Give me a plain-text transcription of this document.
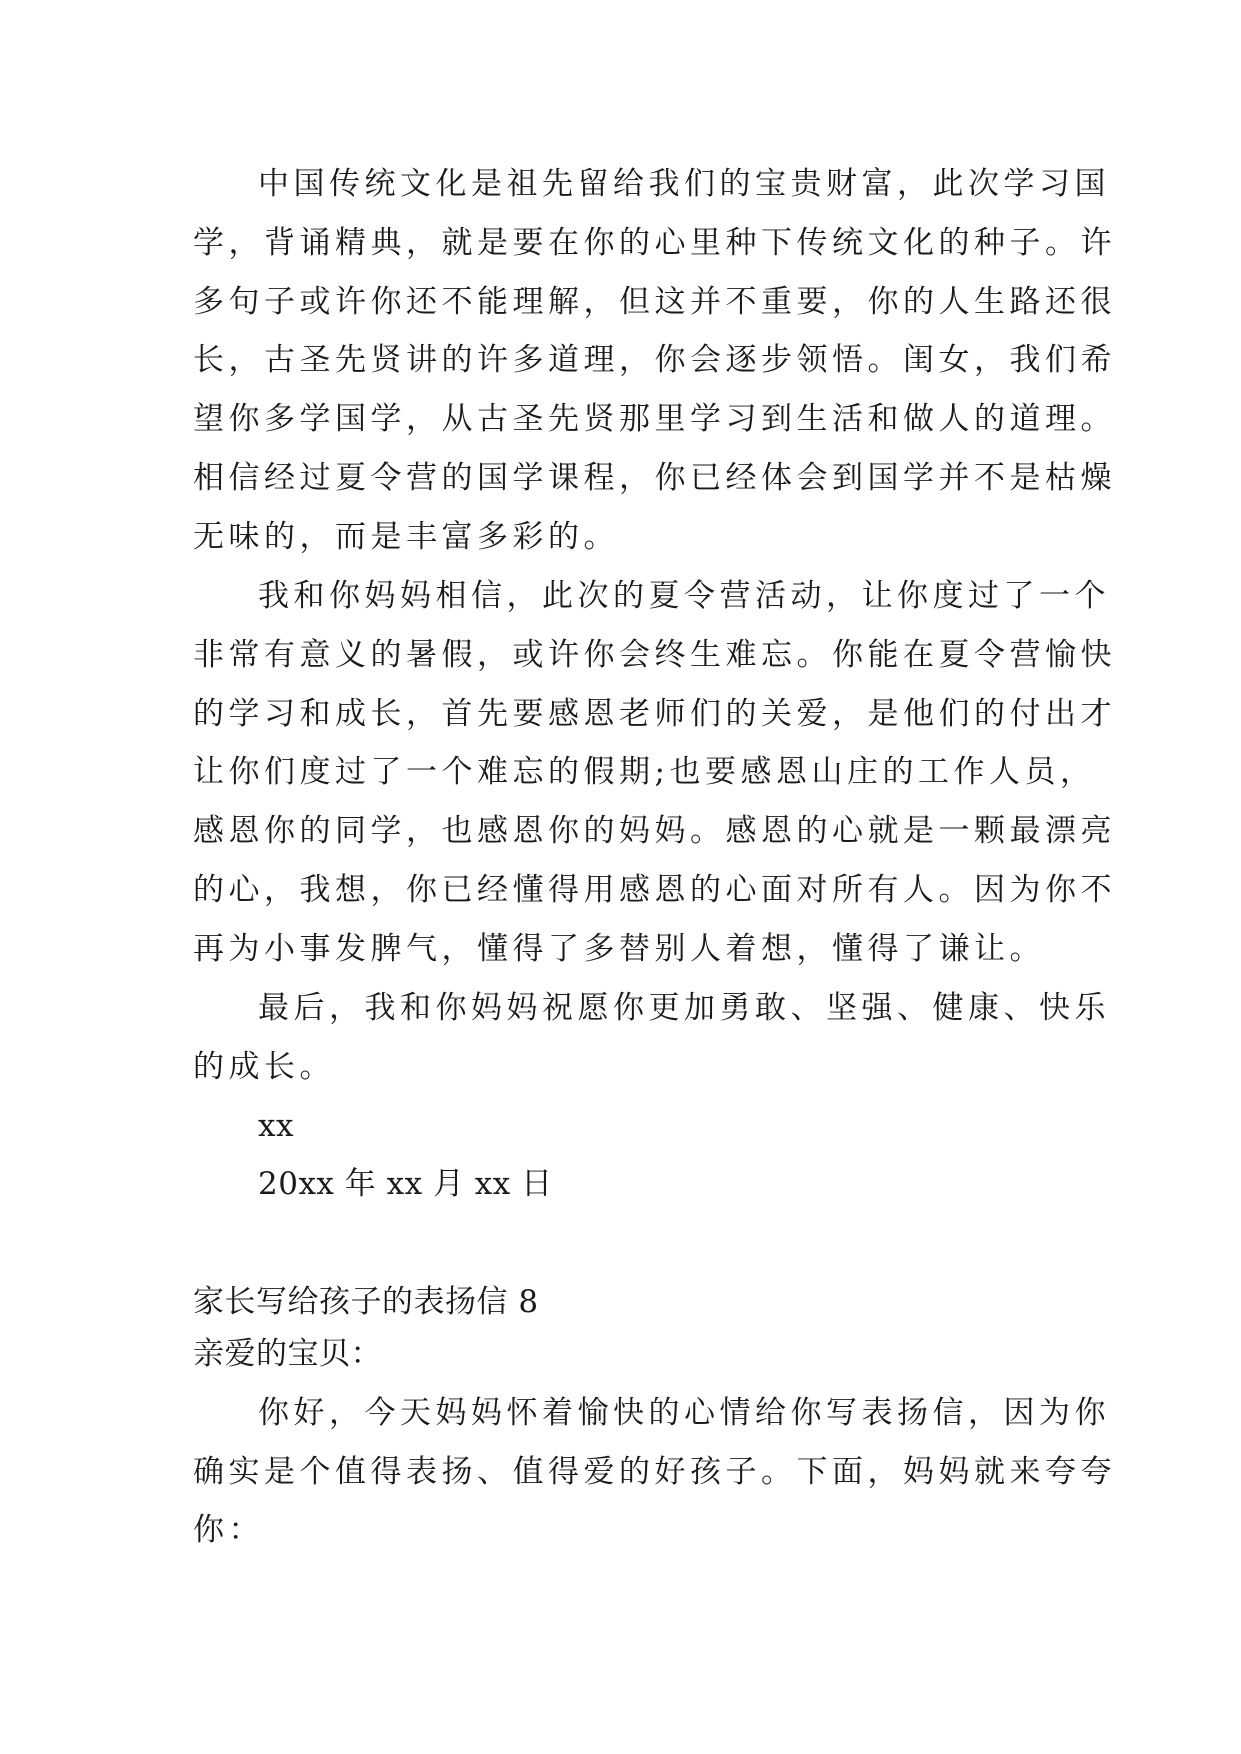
中国传统文化是祖先留给我们的宝贵财富，此次学习国
学，背诵精典，就是要在你的心里种下传统文化的种子。许
多句子或许你还不能理解，但这并不重要，你的人生路还很
长，古圣先贤讲的许多道理，你会逐步领悟。闺女，我们希
望你多学国学，从古圣先贤那里学习到生活和做人的道理。
相信经过夏令营的国学课程，你已经体会到国学并不是枯燥
无味的，而是丰富多彩的。
我和你妈妈相信，此次的夏令营活动，让你度过了一个
非常有意义的暑假，或许你会终生难忘。你能在夏令营愉快
的学习和成长，首先要感恩老师们的关爱，是他们的付出才
让你们度过了一个难忘的假期;也要感恩山庄的工作人员，
感恩你的同学，也感恩你的妈妈。感恩的心就是一颗最漂亮
的心，我想，你已经懂得用感恩的心面对所有人。因为你不
再为小事发脾气，懂得了多替别人着想，懂得了谦让。
最后，我和你妈妈祝愿你更加勇敢、坚强、健康、快乐
的成长。
xx
20xx 年 xx 月 xx 日
家长写给孩子的表扬信 8
亲爱的宝贝：
你好，今天妈妈怀着愉快的心情给你写表扬信，因为你
确实是个值得表扬、值得爱的好孩子。下面，妈妈就来夸夸
你：
